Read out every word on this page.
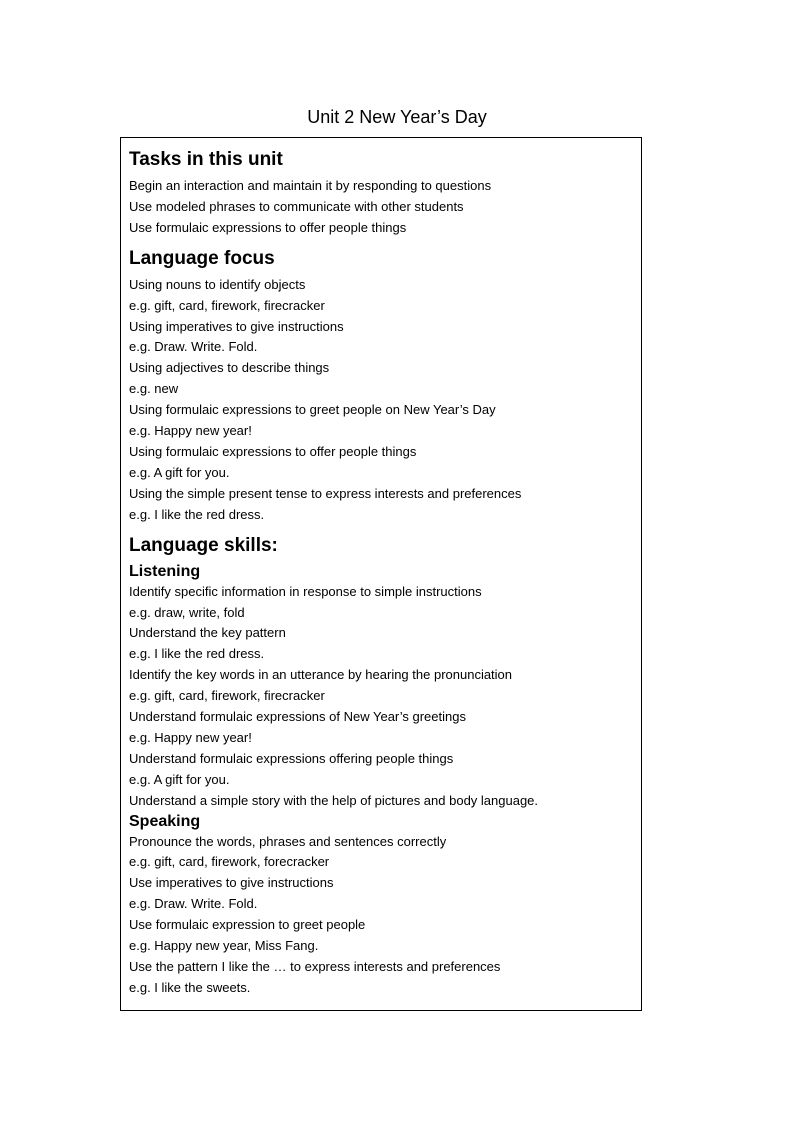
Unit 2 New Year’s Day
Tasks in this unit
Begin an interaction and maintain it by responding to questions
Use modeled phrases to communicate with other students
Use formulaic expressions to offer people things
Language focus
Using nouns to identify objects
e.g. gift, card, firework, firecracker
Using imperatives to give instructions
e.g. Draw. Write. Fold.
Using adjectives to describe things
e.g. new
Using formulaic expressions to greet people on New Year’s Day
e.g. Happy new year!
Using formulaic expressions to offer people things
e.g. A gift for you.
Using the simple present tense to express interests and preferences
e.g. I like the red dress.
Language skills:
Listening
Identify specific information in response to simple instructions
e.g. draw, write, fold
Understand the key pattern
e.g. I like the red dress.
Identify the key words in an utterance by hearing the pronunciation
e.g. gift, card, firework, firecracker
Understand formulaic expressions of New Year’s greetings
e.g. Happy new year!
Understand formulaic expressions offering people things
e.g. A gift for you.
Understand a simple story with the help of pictures and body language.
Speaking
Pronounce the words, phrases and sentences correctly
e.g. gift, card, firework, forecracker
Use imperatives to give instructions
e.g. Draw. Write. Fold.
Use formulaic expression to greet people
e.g. Happy new year, Miss Fang.
Use the pattern I like the … to express interests and preferences
e.g. I like the sweets.
